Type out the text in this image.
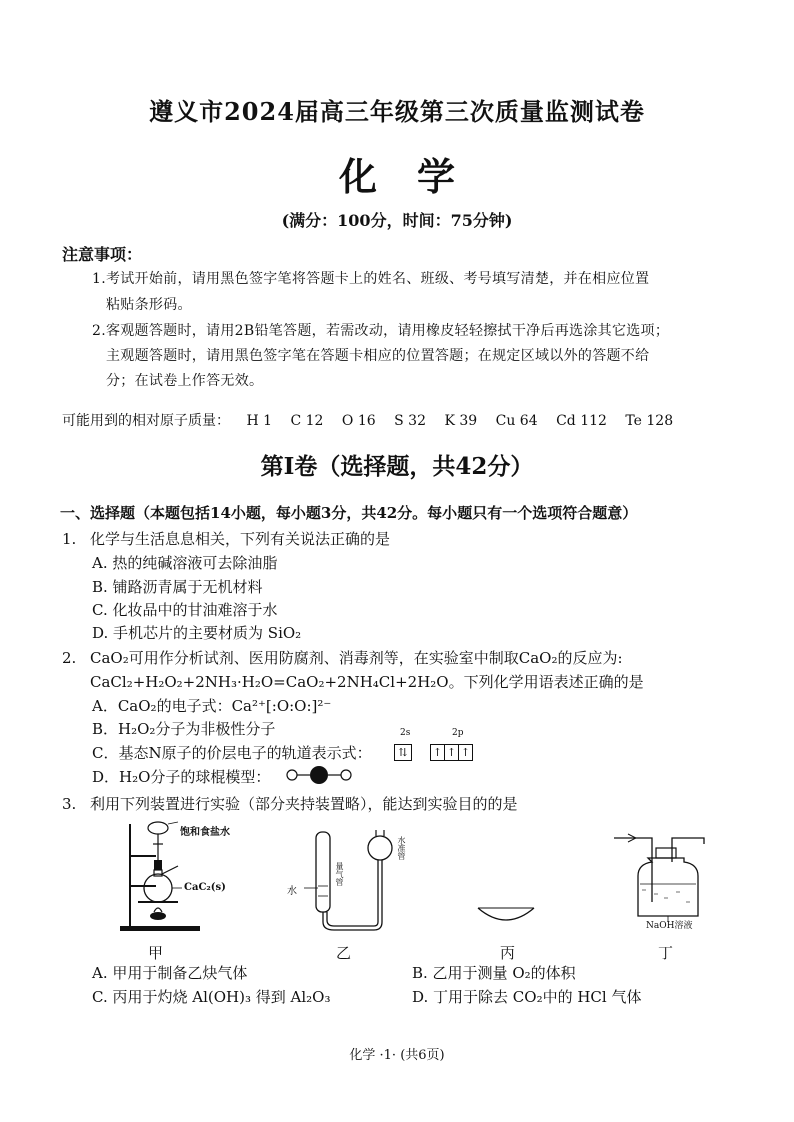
遵义市2024届高三年级第三次质量监测试卷
化学
(满分：100分，时间：75分钟)
注意事项：
1.考试开始前，请用黑色签字笔将答题卡上的姓名、班级、考号填写清楚，并在相应位置
粘贴条形码。
2.客观题答题时，请用2B铅笔答题，若需改动，请用橡皮轻轻擦拭干净后再选涂其它选项；
主观题答题时，请用黑色签字笔在答题卡相应的位置答题；在规定区域以外的答题不给
分；在试卷上作答无效。
可能用到的相对原子质量： H 1 C 12 O 16 S 32 K 39 Cu 64 Cd 112 Te 128
第Ⅰ卷（选择题，共42分）
一、选择题（本题包括14小题，每小题3分，共42分。每小题只有一个选项符合题意）
1. 化学与生活息息相关，下列有关说法正确的是
A. 热的纯碱溶液可去除油脂
B. 铺路沥青属于无机材料
C. 化妆品中的甘油难溶于水
D. 手机芯片的主要材质为 SiO₂
2. CaO₂可用作分析试剂、医用防腐剂、消毒剂等，在实验室中制取CaO₂的反应为:
CaCl₂+H₂O₂+2NH₃·H₂O=CaO₂+2NH₄Cl+2H₂O。下列化学用语表述正确的是
A．CaO₂的电子式：Ca²⁺[:O:O:]²⁻
B．H₂O₂分子为非极性分子
C．基态N原子的价层电子的轨道表示式：
2s	2p
⇅	↑ ↑ ↑
D．H₂O分子的球棍模型：
3. 利用下列装置进行实验（部分夹持装置略），能达到实验目的的是
饱和食盐水
CaC₂(s)
甲
水
量气管
水准管
乙	丙
NaOH溶液
丁
A. 甲用于制备乙炔气体	B. 乙用于测量 O₂的体积
C. 丙用于灼烧 Al(OH)₃ 得到 Al₂O₃	D. 丁用于除去 CO₂中的 HCl 气体
化学 ·1· (共6页)
